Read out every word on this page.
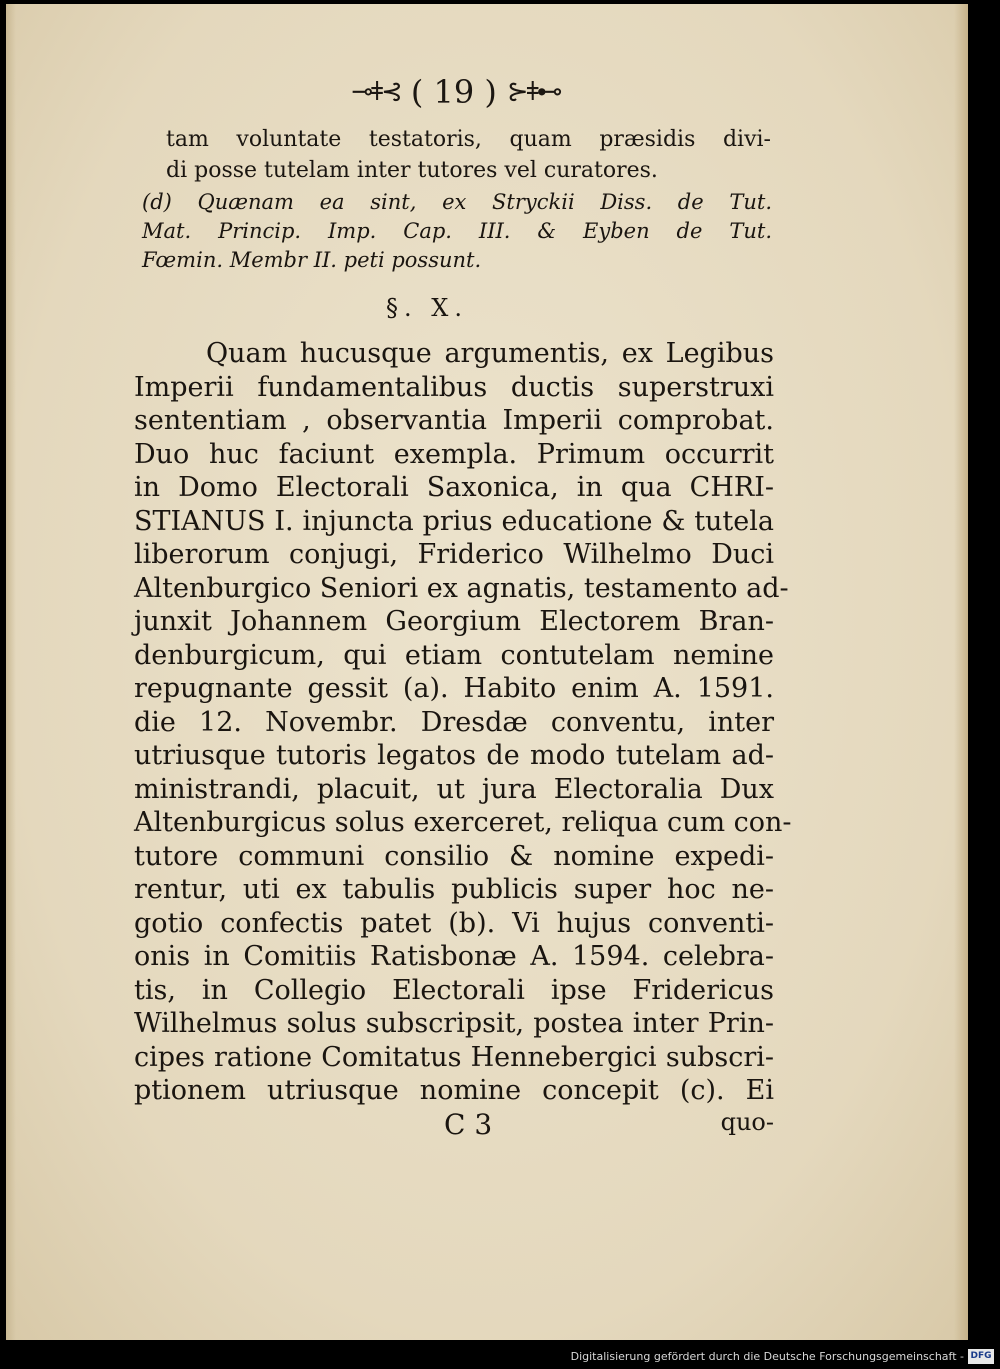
⊸ǂ⊰ ( 19 ) ⊱ǂ⊷
tam voluntate testatoris, quam præsidis divi-
di posse tutelam inter tutores vel curatores.
(d) Quænam ea sint, ex Stryckii Diss. de Tut.
Mat. Princip. Imp. Cap. III. & Eyben de Tut.
Fœmin. Membr II. peti possunt.
§. X.
Quam hucusque argumentis, ex Legibus
Imperii fundamentalibus ductis superstruxi
sententiam , observantia Imperii comprobat.
Duo huc faciunt exempla. Primum occurrit
in Domo Electorali Saxonica, in qua CHRI-
STIANUS I. injuncta prius educatione & tutela
liberorum conjugi, Friderico Wilhelmo Duci
Altenburgico Seniori ex agnatis, testamento ad-
junxit Johannem Georgium Electorem Bran-
denburgicum, qui etiam contutelam nemine
repugnante gessit (a). Habito enim A. 1591.
die 12. Novembr. Dresdæ conventu, inter
utriusque tutoris legatos de modo tutelam ad-
ministrandi, placuit, ut jura Electoralia Dux
Altenburgicus solus exerceret, reliqua cum con-
tutore communi consilio & nomine expedi-
rentur, uti ex tabulis publicis super hoc ne-
gotio confectis patet (b). Vi hujus conventi-
onis in Comitiis Ratisbonæ A. 1594. celebra-
tis, in Collegio Electorali ipse Fridericus
Wilhelmus solus subscripsit, postea inter Prin-
cipes ratione Comitatus Hennebergici subscri-
ptionem utriusque nomine concepit (c). Ei
C 3	quo-
Digitalisierung gefördert durch die Deutsche Forschungsgemeinschaft - DFG
